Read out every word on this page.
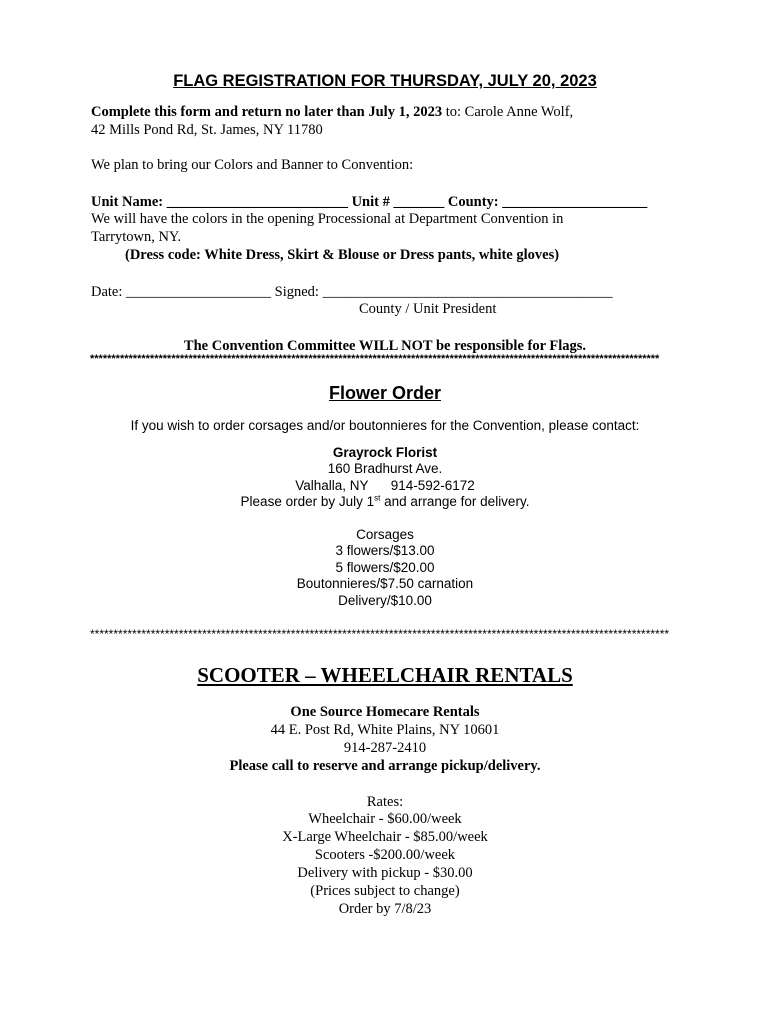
FLAG REGISTRATION FOR THURSDAY, JULY 20, 2023
Complete this form and return no later than July 1, 2023 to: Carole Anne Wolf,
42 Mills Pond Rd, St. James, NY 11780
We plan to bring our Colors and Banner to Convention:
Unit Name: _________________________ Unit # _______ County: ____________________
We will have the colors in the opening Processional at Department Convention in
Tarrytown, NY.
(Dress code: White Dress, Skirt & Blouse or Dress pants, white gloves)
Date: ____________________ Signed: ________________________________________
County / Unit President
The Convention Committee WILL NOT be responsible for Flags.
*************************************************************************************************************************************
Flower Order
If you wish to order corsages and/or boutonnieres for the Convention, please contact:
Grayrock Florist
160 Bradhurst Ave.
Valhalla, NY      914-592-6172
Please order by July 1st and arrange for delivery.
Corsages
3 flowers/$13.00
5 flowers/$20.00
Boutonnieres/$7.50 carnation
Delivery/$10.00
****************************************************************************************************************************
SCOOTER – WHEELCHAIR RENTALS
One Source Homecare Rentals
44 E. Post Rd, White Plains, NY 10601
914-287-2410
Please call to reserve and arrange pickup/delivery.
Rates:
Wheelchair - $60.00/week
X-Large Wheelchair - $85.00/week
Scooters -$200.00/week
Delivery with pickup - $30.00
(Prices subject to change)
Order by 7/8/23
